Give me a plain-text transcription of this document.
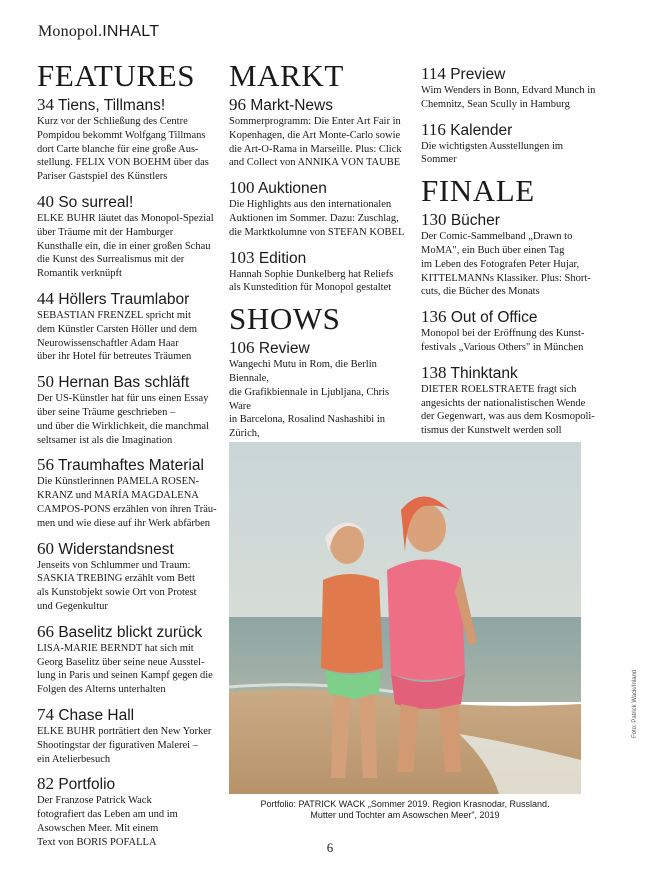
Monopol.INHALT
FEATURES
34 Tiens, Tillmans!
Kurz vor der Schließung des Centre
Pompidou bekommt Wolfgang Tillmans
dort Carte blanche für eine große Aus-
stellung. FELIX VON BOEHM über das
Pariser Gastspiel des Künstlers
40 So surreal!
ELKE BUHR läutet das Monopol-Spezial
über Träume mit der Hamburger
Kunsthalle ein, die in einer großen Schau
die Kunst des Surrealismus mit der
Romantik verknüpft
44 Höllers Traumlabor
SEBASTIAN FRENZEL spricht mit
dem Künstler Carsten Höller und dem
Neurowissenschaftler Adam Haar
über ihr Hotel für betreutes Träumen
50 Hernan Bas schläft
Der US-Künstler hat für uns einen Essay
über seine Träume geschrieben –
und über die Wirklichkeit, die manchmal
seltsamer ist als die Imagination
56 Traumhaftes Material
Die Künstlerinnen PAMELA ROSEN-
KRANZ und MARÍA MAGDALENA
CAMPOS-PONS erzählen von ihren Träu-
men und wie diese auf ihr Werk abfärben
60 Widerstandsnest
Jenseits von Schlummer und Traum:
SASKIA TREBING erzählt vom Bett
als Kunstobjekt sowie Ort von Protest
und Gegenkultur
66 Baselitz blickt zurück
LISA-MARIE BERNDT hat sich mit
Georg Baselitz über seine neue Ausstel-
lung in Paris und seinen Kampf gegen die
Folgen des Alterns unterhalten
74 Chase Hall
ELKE BUHR porträtiert den New Yorker
Shootingstar der figurativen Malerei –
ein Atelierbesuch
82 Portfolio
Der Franzose Patrick Wack
fotografiert das Leben am und im
Asowschen Meer. Mit einem
Text von BORIS POFALLA
MARKT
96 Markt-News
Sommerprogramm: Die Enter Art Fair in
Kopenhagen, die Art Monte-Carlo sowie
die Art-O-Rama in Marseille. Plus: Click
and Collect von ANNIKA VON TAUBE
100 Auktionen
Die Highlights aus den internationalen
Auktionen im Sommer. Dazu: Zuschlag,
die Marktkolumne von STEFAN KOBEL
103 Edition
Hannah Sophie Dunkelberg hat Reliefs
als Kunstedition für Monopol gestaltet
SHOWS
106 Review
Wangechi Mutu in Rom, die Berlin Biennale,
die Grafikbiennale in Ljubljana, Chris Ware
in Barcelona, Rosalind Nashashibi in Zürich,
114 Preview
Wim Wenders in Bonn, Edvard Munch in
Chemnitz, Sean Scully in Hamburg
116 Kalender
Die wichtigsten Ausstellungen im Sommer
FINALE
130 Bücher
Der Comic-Sammelband „Drawn to
MoMA", ein Buch über einen Tag
im Leben des Fotografen Peter Hujar,
KITTELMANNs Klassiker. Plus: Short-
cuts, die Bücher des Monats
136 Out of Office
Monopol bei der Eröffnung des Kunst-
festivals „Various Others" in München
138 Thinktank
DIETER ROELSTRAETE fragt sich
angesichts der nationalistischen Wende
der Gegenwart, was aus dem Kosmopoli-
tismus der Kunstwelt werden soll
Portfolio: PATRICK WACK „Sommer 2019. Region Krasnodar, Russland.
Mutter und Tochter am Asowschen Meer", 2019
Foto: Patrick Wack/Inland
6
